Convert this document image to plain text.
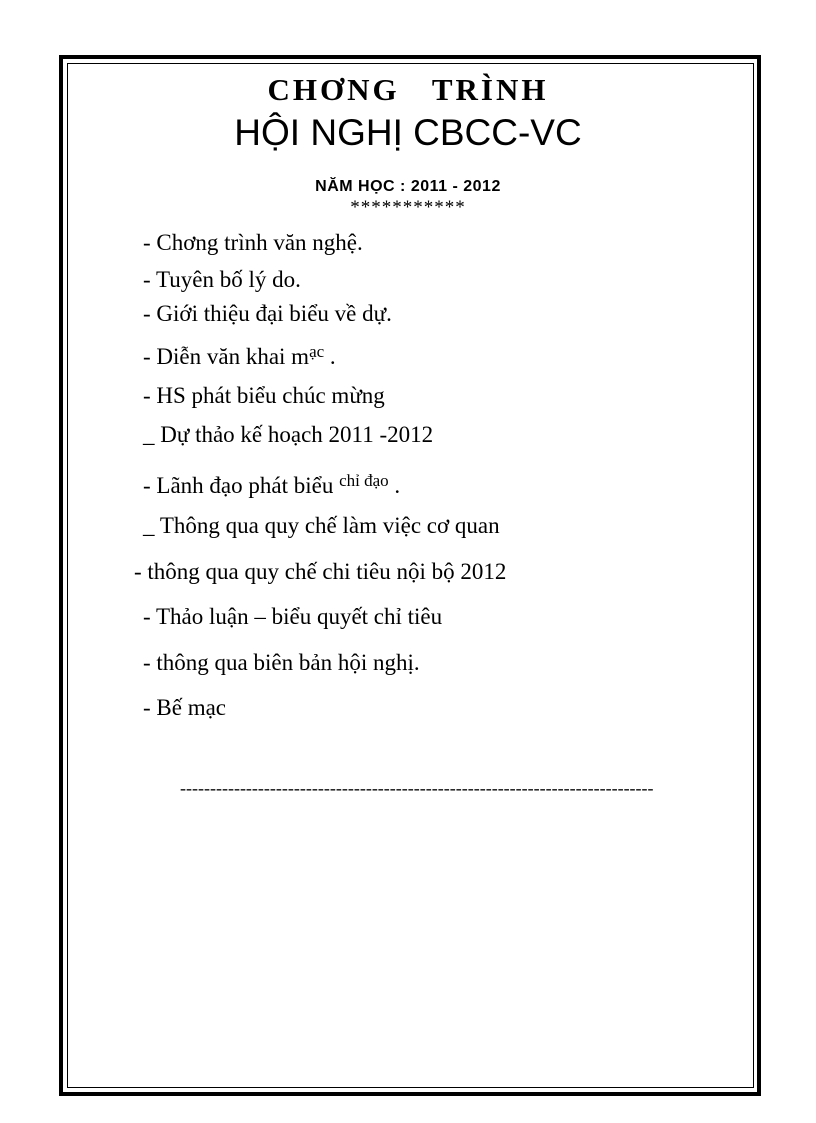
CHƠNG TRÌNH
HỘI NGHỊ CBCC-VC
NĂM HỌC : 2011 - 2012
***********
- Chơng trình văn nghệ.
- Tuyên bố lý do.
- Giới thiệu đại biểu về dự.
- Diễn văn khai $m^{ạc}$ .
- HS phát biểu chúc mừng
_ Dự thảo kế hoạch 2011 -2012
- Lãnh đạo phát biểu $^{chỉ đạo}$ .
_ Thông qua quy chế làm việc cơ quan
- thông qua quy chế chi tiêu nội bộ 2012
- Thảo luận – biểu quyết chỉ tiêu
- thông qua biên bản hội nghị.
- Bế mạc
-------------------------------------------------------------------------------
